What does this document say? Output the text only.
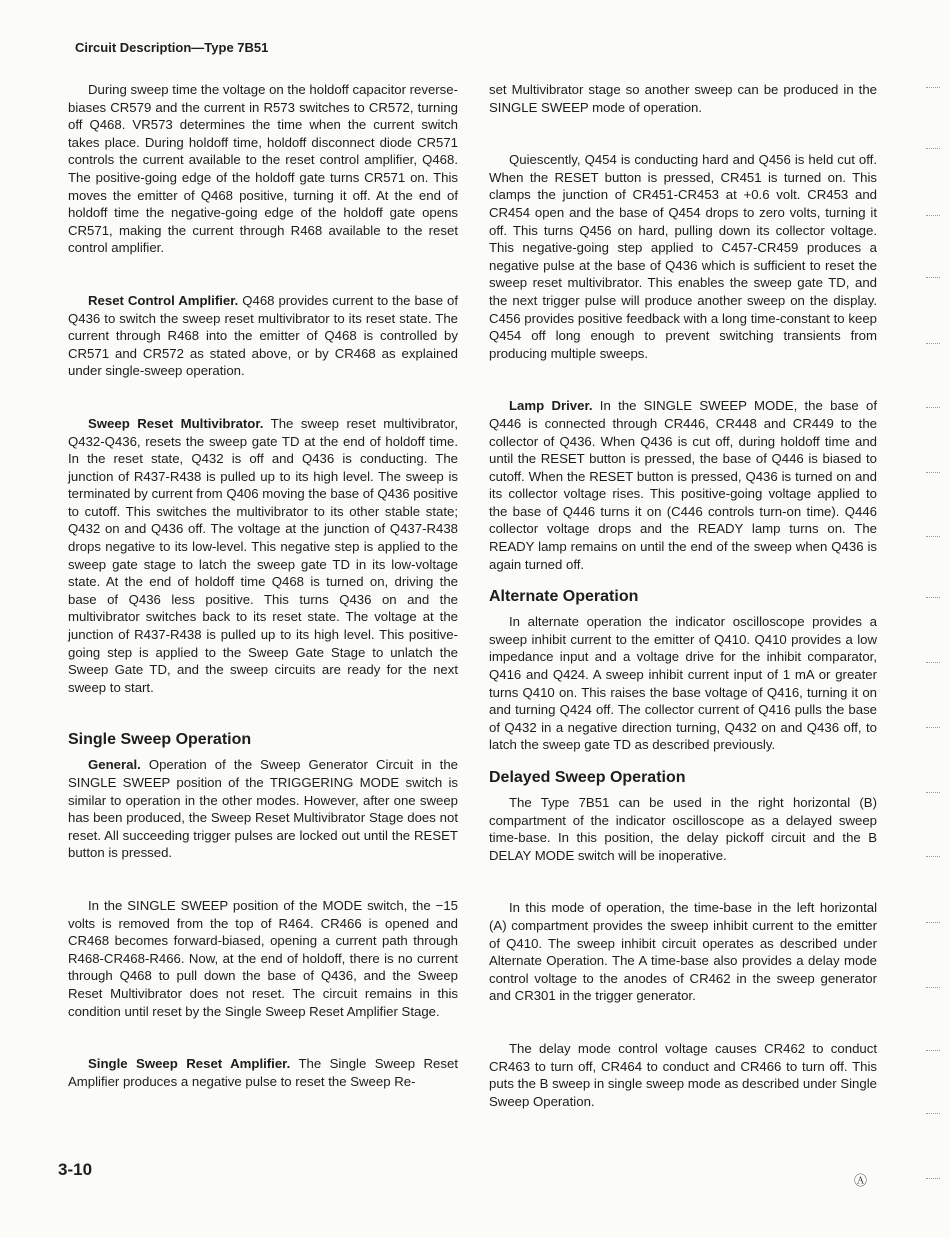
Circuit Description—Type 7B51

During sweep time the voltage on the holdoff capacitor reverse-biases CR579 and the current in R573 switches to CR572, turning off Q468. VR573 determines the time when the current switch takes place. During holdoff time, holdoff disconnect diode CR571 controls the current available to the reset control amplifier, Q468. The positive-going edge of the holdoff gate turns CR571 on. This moves the emitter of Q468 positive, turning it off. At the end of holdoff time the negative-going edge of the holdoff gate opens CR571, making the current through R468 available to the reset control amplifier.

Reset Control Amplifier. Q468 provides current to the base of Q436 to switch the sweep reset multivibrator to its reset state. The current through R468 into the emitter of Q468 is controlled by CR571 and CR572 as stated above, or by CR468 as explained under single-sweep operation.

Sweep Reset Multivibrator. The sweep reset multivibrator, Q432-Q436, resets the sweep gate TD at the end of holdoff time. In the reset state, Q432 is off and Q436 is conducting. The junction of R437-R438 is pulled up to its high level. The sweep is terminated by current from Q406 moving the base of Q436 positive to cutoff. This switches the multivibrator to its other stable state; Q432 on and Q436 off. The voltage at the junction of Q437-R438 drops negative to its low-level. This negative step is applied to the sweep gate stage to latch the sweep gate TD in its low-voltage state. At the end of holdoff time Q468 is turned on, driving the base of Q436 less positive. This turns Q436 on and the multivibrator switches back to its reset state. The voltage at the junction of R437-R438 is pulled up to its high level. This positive-going step is applied to the Sweep Gate Stage to unlatch the Sweep Gate TD, and the sweep circuits are ready for the next sweep to start.

Single Sweep Operation

General. Operation of the Sweep Generator Circuit in the SINGLE SWEEP position of the TRIGGERING MODE switch is similar to operation in the other modes. However, after one sweep has been produced, the Sweep Reset Multivibrator Stage does not reset. All succeeding trigger pulses are locked out until the RESET button is pressed.

In the SINGLE SWEEP position of the MODE switch, the −15 volts is removed from the top of R464. CR466 is opened and CR468 becomes forward-biased, opening a current path through R468-CR468-R466. Now, at the end of holdoff, there is no current through Q468 to pull down the base of Q436, and the Sweep Reset Multivibrator does not reset. The circuit remains in this condition until reset by the Single Sweep Reset Amplifier Stage.

Single Sweep Reset Amplifier. The Single Sweep Reset Amplifier produces a negative pulse to reset the Sweep Re-

set Multivibrator stage so another sweep can be produced in the SINGLE SWEEP mode of operation.

Quiescently, Q454 is conducting hard and Q456 is held cut off. When the RESET button is pressed, CR451 is turned on. This clamps the junction of CR451-CR453 at +0.6 volt. CR453 and CR454 open and the base of Q454 drops to zero volts, turning it off. This turns Q456 on hard, pulling down its collector voltage. This negative-going step applied to C457-CR459 produces a negative pulse at the base of Q436 which is sufficient to reset the sweep reset multivibrator. This enables the sweep gate TD, and the next trigger pulse will produce another sweep on the display. C456 provides positive feedback with a long time-constant to keep Q454 off long enough to prevent switching transients from producing multiple sweeps.

Lamp Driver. In the SINGLE SWEEP MODE, the base of Q446 is connected through CR446, CR448 and CR449 to the collector of Q436. When Q436 is cut off, during holdoff time and until the RESET button is pressed, the base of Q446 is biased to cutoff. When the RESET button is pressed, Q436 is turned on and its collector voltage rises. This positive-going voltage applied to the base of Q446 turns it on (C446 controls turn-on time). Q446 collector voltage drops and the READY lamp turns on. The READY lamp remains on until the end of the sweep when Q436 is again turned off.

Alternate Operation

In alternate operation the indicator oscilloscope provides a sweep inhibit current to the emitter of Q410. Q410 provides a low impedance input and a voltage drive for the inhibit comparator, Q416 and Q424. A sweep inhibit current input of 1 mA or greater turns Q410 on. This raises the base voltage of Q416, turning it on and turning Q424 off. The collector current of Q416 pulls the base of Q432 in a negative direction turning, Q432 on and Q436 off, to latch the sweep gate TD as described previously.

Delayed Sweep Operation

The Type 7B51 can be used in the right horizontal (B) compartment of the indicator oscilloscope as a delayed sweep time-base. In this position, the delay pickoff circuit and the B DELAY MODE switch will be inoperative.

In this mode of operation, the time-base in the left horizontal (A) compartment provides the sweep inhibit current to the emitter of Q410. The sweep inhibit circuit operates as described under Alternate Operation. The A time-base also provides a delay mode control voltage to the anodes of CR462 in the sweep generator and CR301 in the trigger generator.

The delay mode control voltage causes CR462 to conduct CR463 to turn off, CR464 to conduct and CR466 to turn off. This puts the B sweep in single sweep mode as described under Single Sweep Operation.

3-10
Ⓐ
